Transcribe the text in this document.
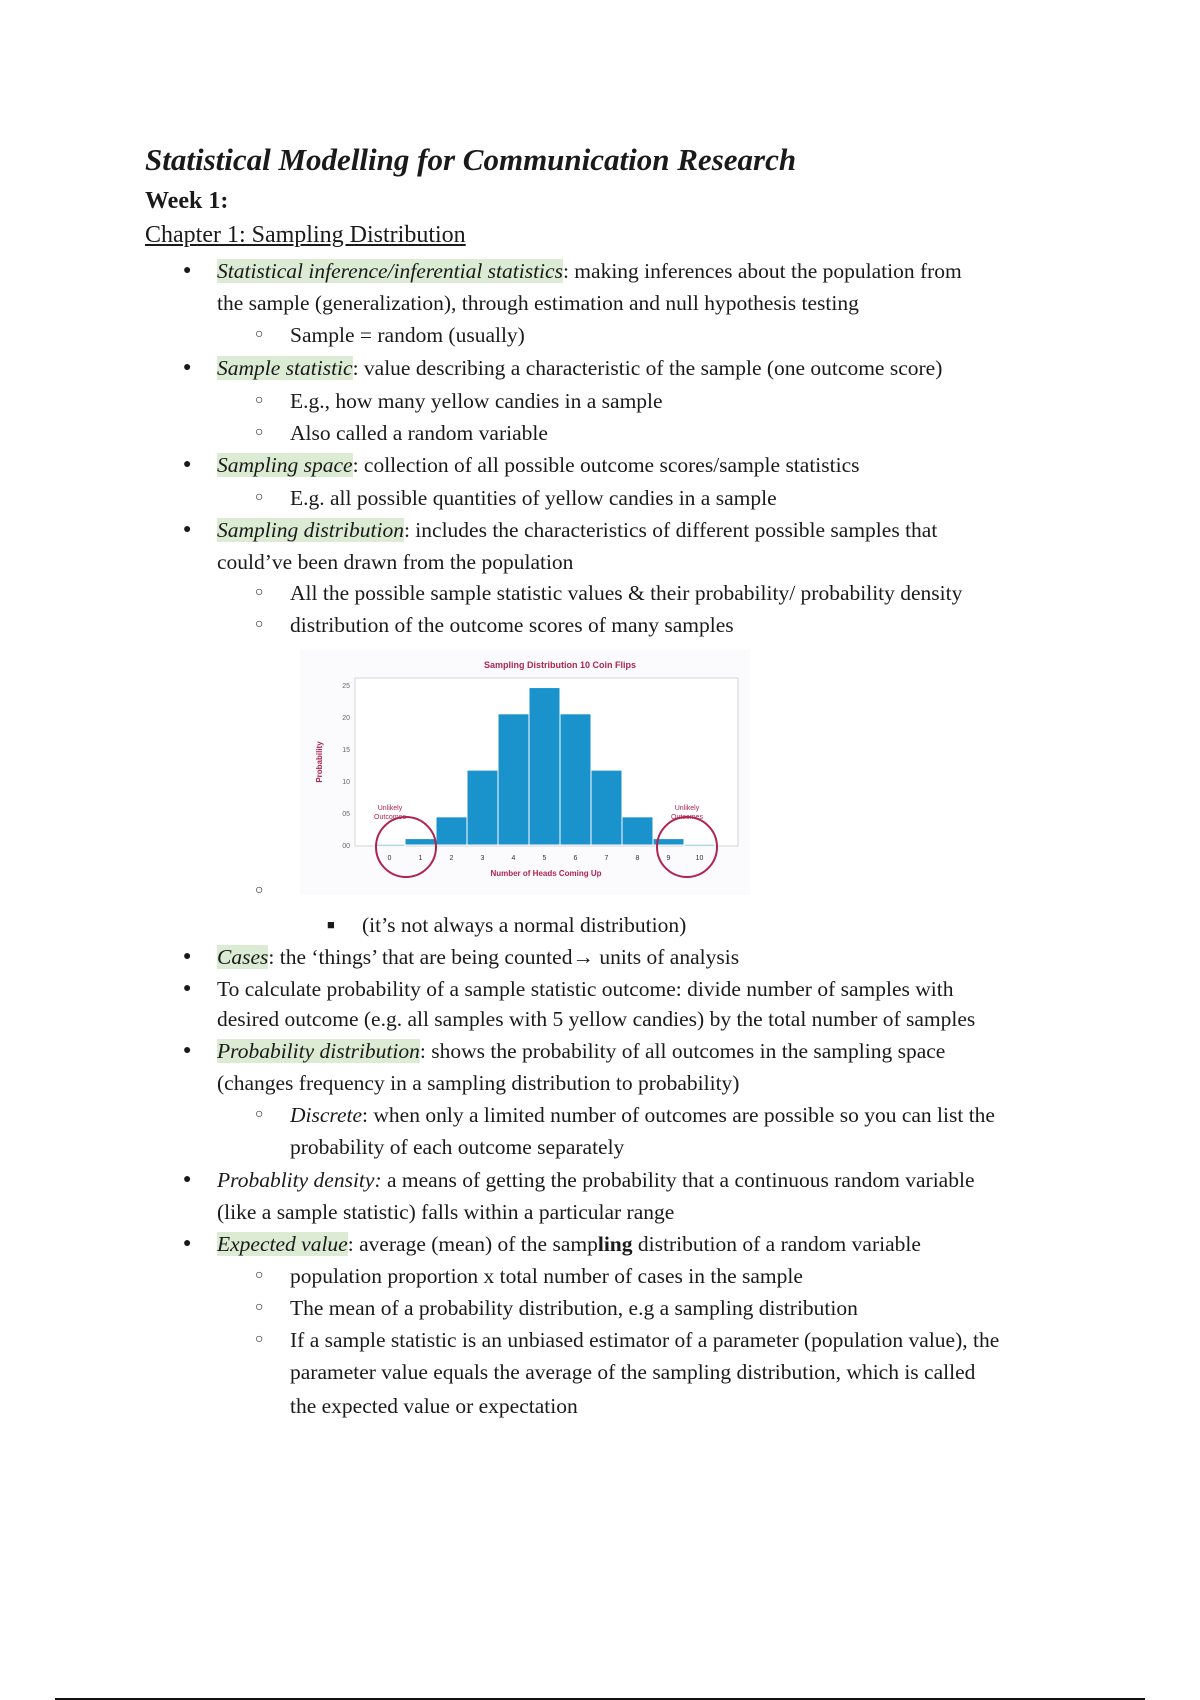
Statistical Modelling for Communication Research
Week 1:
Chapter 1: Sampling Distribution
● Statistical inference/inferential statistics: making inferences about the population from
the sample (generalization), through estimation and null hypothesis testing
○ Sample = random (usually)
● Sample statistic: value describing a characteristic of the sample (one outcome score)
○ E.g., how many yellow candies in a sample
○ Also called a random variable
● Sampling space: collection of all possible outcome scores/sample statistics
○ E.g. all possible quantities of yellow candies in a sample
● Sampling distribution: includes the characteristics of different possible samples that
could’ve been drawn from the population
○ All the possible sample statistic values & their probability/ probability density
○ distribution of the outcome scores of many samples
Sampling Distribution 10 Coin Flips
00
05
10
15
20
25
0	1	2	3	4	5	6	7	8	9	10
Unlikely Outcomes
Unlikely Outcomes
Probability
Number of Heads Coming Up
○
■ (it’s not always a normal distribution)
● Cases: the ‘things’ that are being counted→ units of analysis
● To calculate probability of a sample statistic outcome: divide number of samples with
desired outcome (e.g. all samples with 5 yellow candies) by the total number of samples
● Probability distribution: shows the probability of all outcomes in the sampling space
(changes frequency in a sampling distribution to probability)
○ Discrete: when only a limited number of outcomes are possible so you can list the
probability of each outcome separately
● Probablity density: a means of getting the probability that a continuous random variable
(like a sample statistic) falls within a particular range
● Expected value: average (mean) of the sampling distribution of a random variable
○ population proportion x total number of cases in the sample
○ The mean of a probability distribution, e.g a sampling distribution
○ If a sample statistic is an unbiased estimator of a parameter (population value), the
parameter value equals the average of the sampling distribution, which is called
the expected value or expectation
